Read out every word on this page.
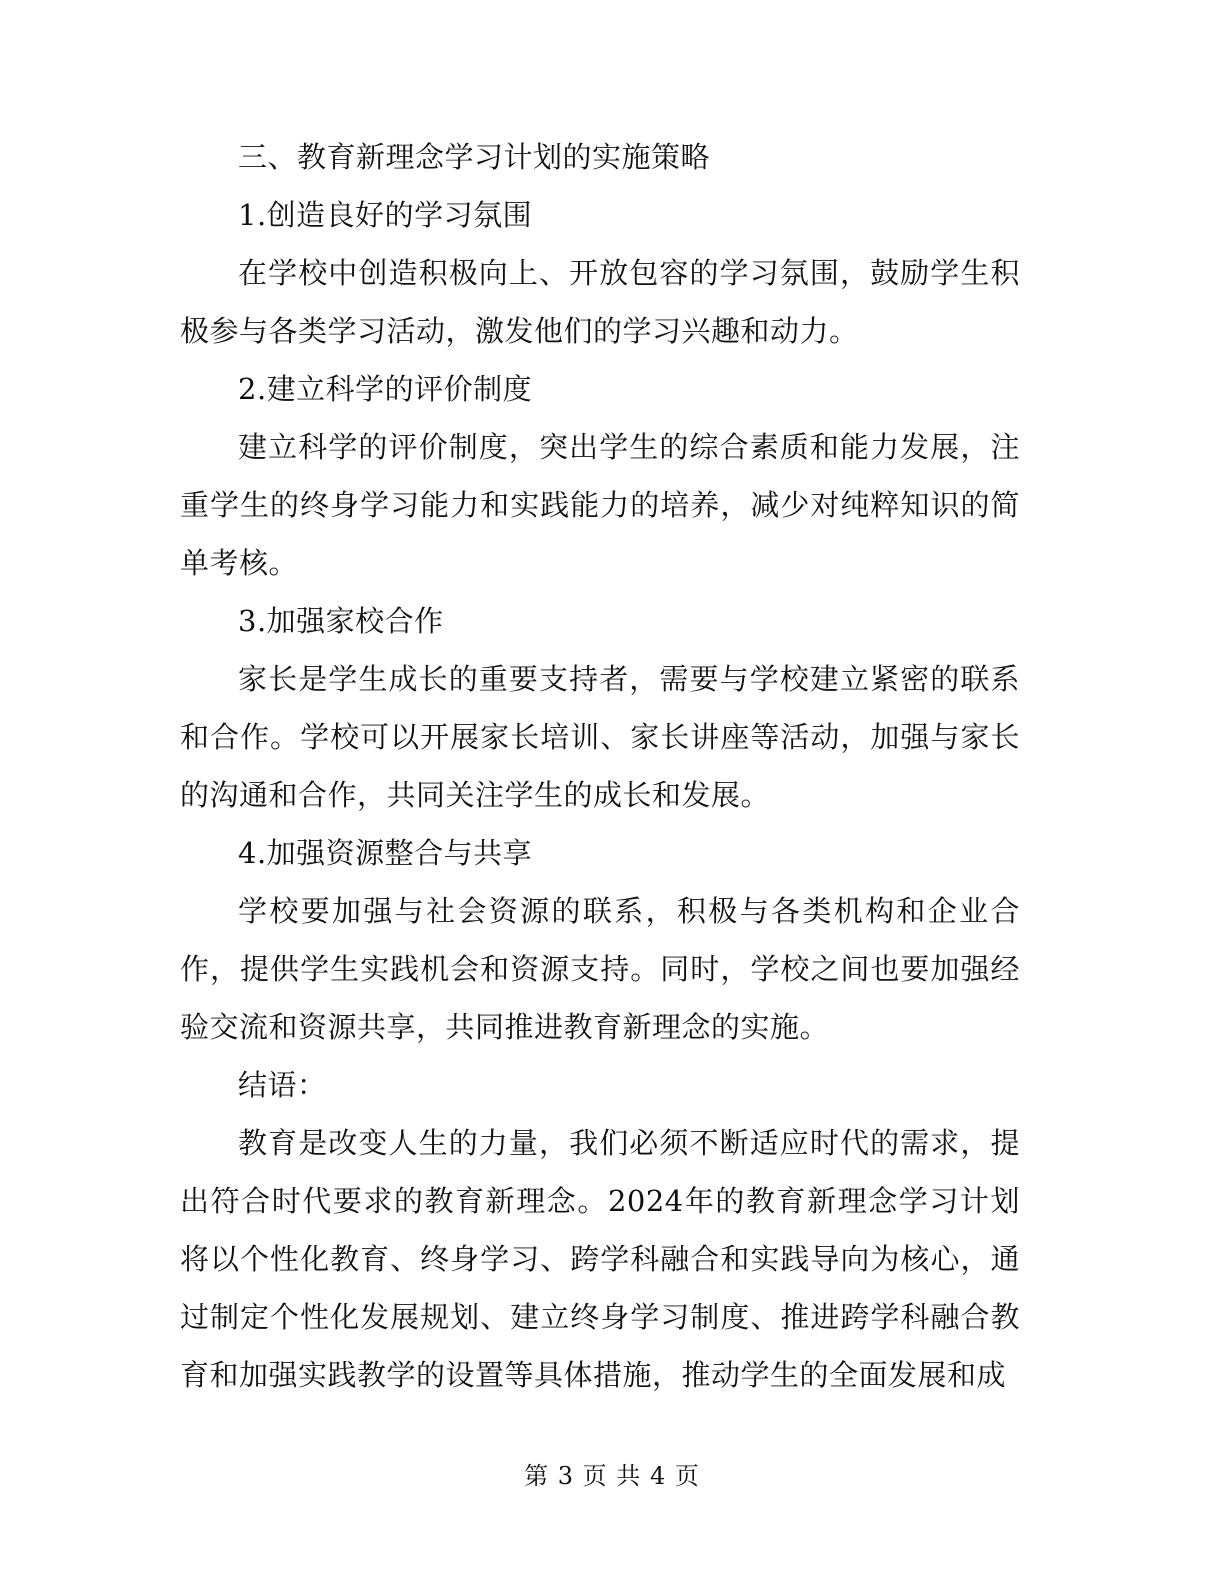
三、教育新理念学习计划的实施策略

1.创造良好的学习氛围

在学校中创造积极向上、开放包容的学习氛围，鼓励学生积极参与各类学习活动，激发他们的学习兴趣和动力。

2.建立科学的评价制度

建立科学的评价制度，突出学生的综合素质和能力发展，注重学生的终身学习能力和实践能力的培养，减少对纯粹知识的简单考核。

3.加强家校合作

家长是学生成长的重要支持者，需要与学校建立紧密的联系和合作。学校可以开展家长培训、家长讲座等活动，加强与家长的沟通和合作，共同关注学生的成长和发展。

4.加强资源整合与共享

学校要加强与社会资源的联系，积极与各类机构和企业合作，提供学生实践机会和资源支持。同时，学校之间也要加强经验交流和资源共享，共同推进教育新理念的实施。

结语：

教育是改变人生的力量，我们必须不断适应时代的需求，提出符合时代要求的教育新理念。2024年的教育新理念学习计划将以个性化教育、终身学习、跨学科融合和实践导向为核心，通过制定个性化发展规划、建立终身学习制度、推进跨学科融合教育和加强实践教学的设置等具体措施，推动学生的全面发展和成

第 3 页 共 4 页
